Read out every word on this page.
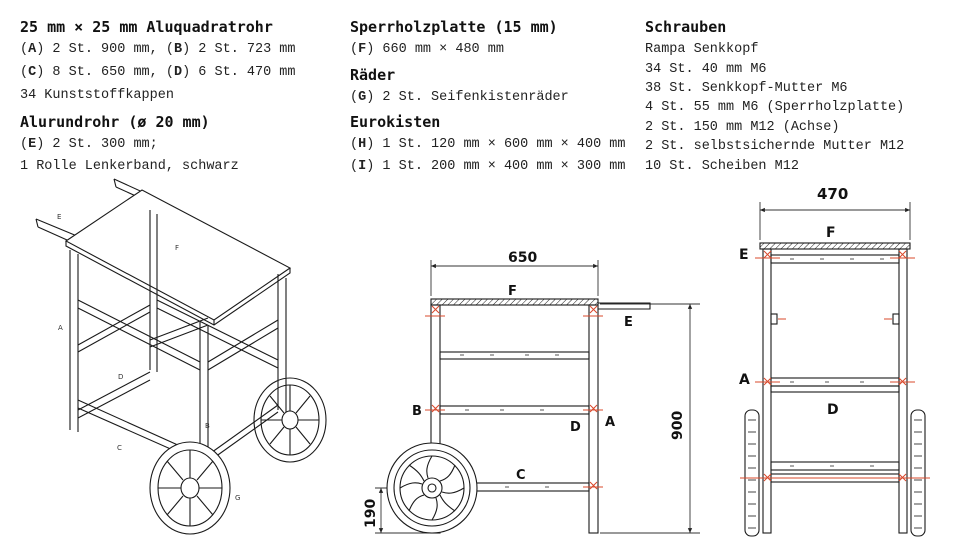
25 mm × 25 mm Aluquadratrohr
(A) 2 St. 900 mm, (B) 2 St. 723 mm
(C) 8 St. 650 mm, (D) 6 St. 470 mm
34 Kunststoffkappen
Alurundrohr (ø 20 mm)
(E) 2 St. 300 mm;
1 Rolle Lenkerband, schwarz
Sperrholzplatte (15 mm)
(F) 660 mm × 480 mm
Räder
(G) 2 St. Seifenkistenräder
Eurokisten
(H) 1 St. 120 mm × 600 mm × 400 mm
(I) 1 St. 200 mm × 400 mm × 300 mm
Schrauben
Rampa Senkkopf
34 St. 40 mm M6
38 St. Senkkopf-Mutter M6
4 St. 55 mm M6 (Sperrholzplatte)
2 St. 150 mm M12 (Achse)
2 St. selbstsichernde Mutter M12
10 St. Scheiben M12
E
F
A
D
C
B
G
650
900
190
F
E
B
D A
C
470
F
E
A
D
